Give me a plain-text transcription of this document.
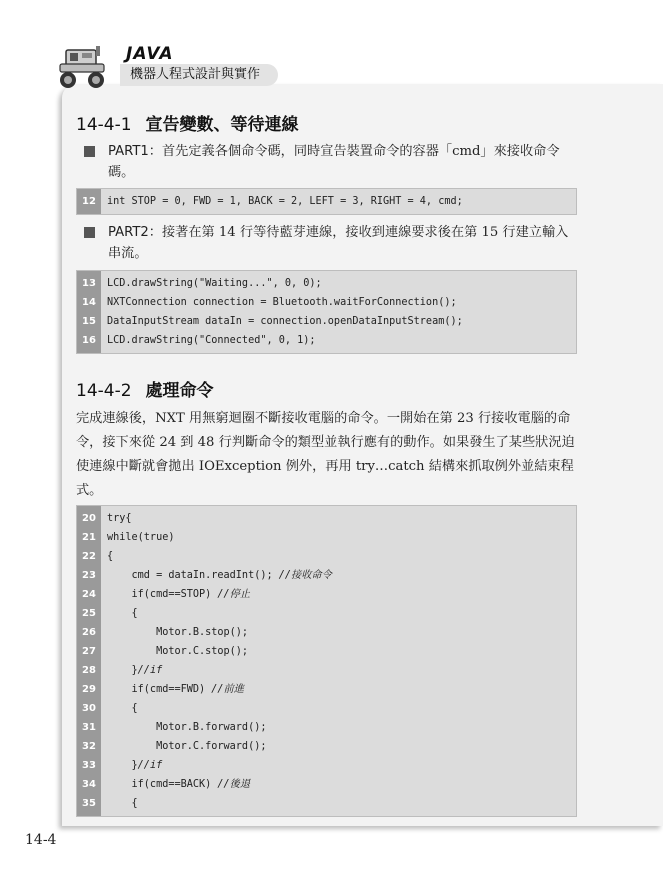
JAVA
機器人程式設計與實作
14-4-1 宣告變數、等待連線
PART1：首先定義各個命令碼，同時宣告裝置命令的容器「cmd」來接收命令碼。
12	int STOP = 0, FWD = 1, BACK = 2, LEFT = 3, RIGHT = 4, cmd;
PART2：接著在第 14 行等待藍芽連線，接收到連線要求後在第 15 行建立輸入串流。
13	LCD.drawString("Waiting...", 0, 0);
14	NXTConnection connection = Bluetooth.waitForConnection();
15	DataInputStream dataIn = connection.openDataInputStream();
16	LCD.drawString("Connected", 0, 1);
14-4-2 處理命令
完成連線後，NXT 用無窮迴圈不斷接收電腦的命令。一開始在第 23 行接收電腦的命令，接下來從 24 到 48 行判斷命令的類型並執行應有的動作。如果發生了某些狀況迫使連線中斷就會拋出 IOException 例外，再用 try…catch 結構來抓取例外並結束程式。
20	try{
21	while(true)
22	{
23	cmd = dataIn.readInt(); //接收命令
24	if(cmd==STOP) //停止
25	{
26	Motor.B.stop();
27	Motor.C.stop();
28	}//if
29	if(cmd==FWD) //前進
30	{
31	Motor.B.forward();
32	Motor.C.forward();
33	}//if
34	if(cmd==BACK) //後退
35	{
14-4
